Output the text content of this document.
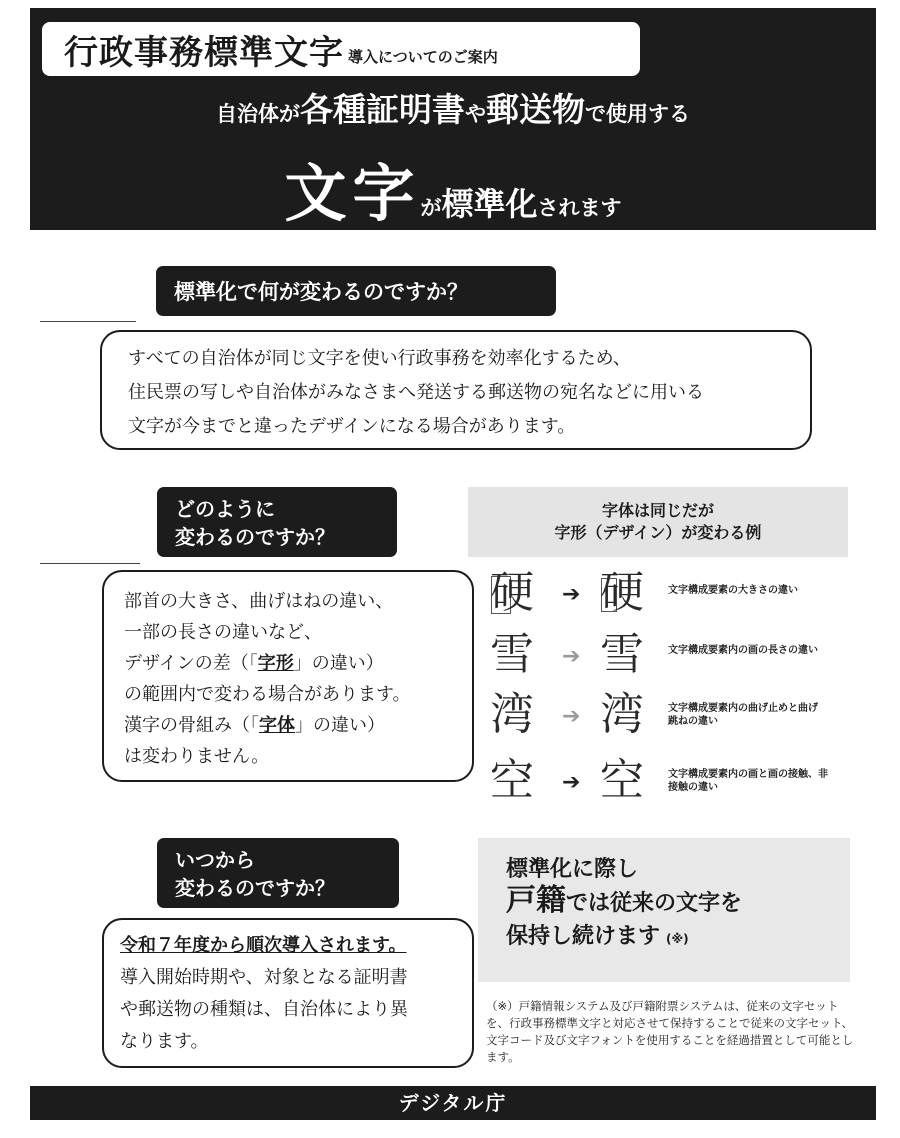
行政事務標準文字 導入についてのご案内
自治体が各種証明書や郵送物で使用する
文字が標準化されます
標準化で何が変わるのですか？
すべての自治体が同じ文字を使い行政事務を効率化するため、
住民票の写しや自治体がみなさまへ発送する郵送物の宛名などに用いる
文字が今までと違ったデザインになる場合があります。
どのように
変わるのですか？
部首の大きさ、曲げはねの違い、
一部の長さの違いなど、
デザインの差（「字形」の違い）
の範囲内で変わる場合があります。
漢字の骨組み（「字体」の違い）
は変わりません。
字体は同じだが
字形（デザイン）が変わる例
硬 ➔ 硬 文字構成要素の大きさの違い
雪 ➔ 雪 文字構成要素内の画の長さの違い
湾 ➔ 湾 文字構成要素内の曲げ止めと曲げ跳ねの違い
空 ➔ 空 文字構成要素内の画と画の接触、非接触の違い
いつから
変わるのですか？
令和７年度から順次導入されます。
導入開始時期や、対象となる証明書
や郵送物の種類は、自治体により異
なります。
標準化に際し
戸籍では従来の文字を
保持し続けます (※)
（※）戸籍情報システム及び戸籍附票システムは、従来の文字セットを、行政事務標準文字と対応させて保持することで従来の文字セット、文字コード及び文字フォントを使用することを経過措置として可能とします。
デジタル庁
